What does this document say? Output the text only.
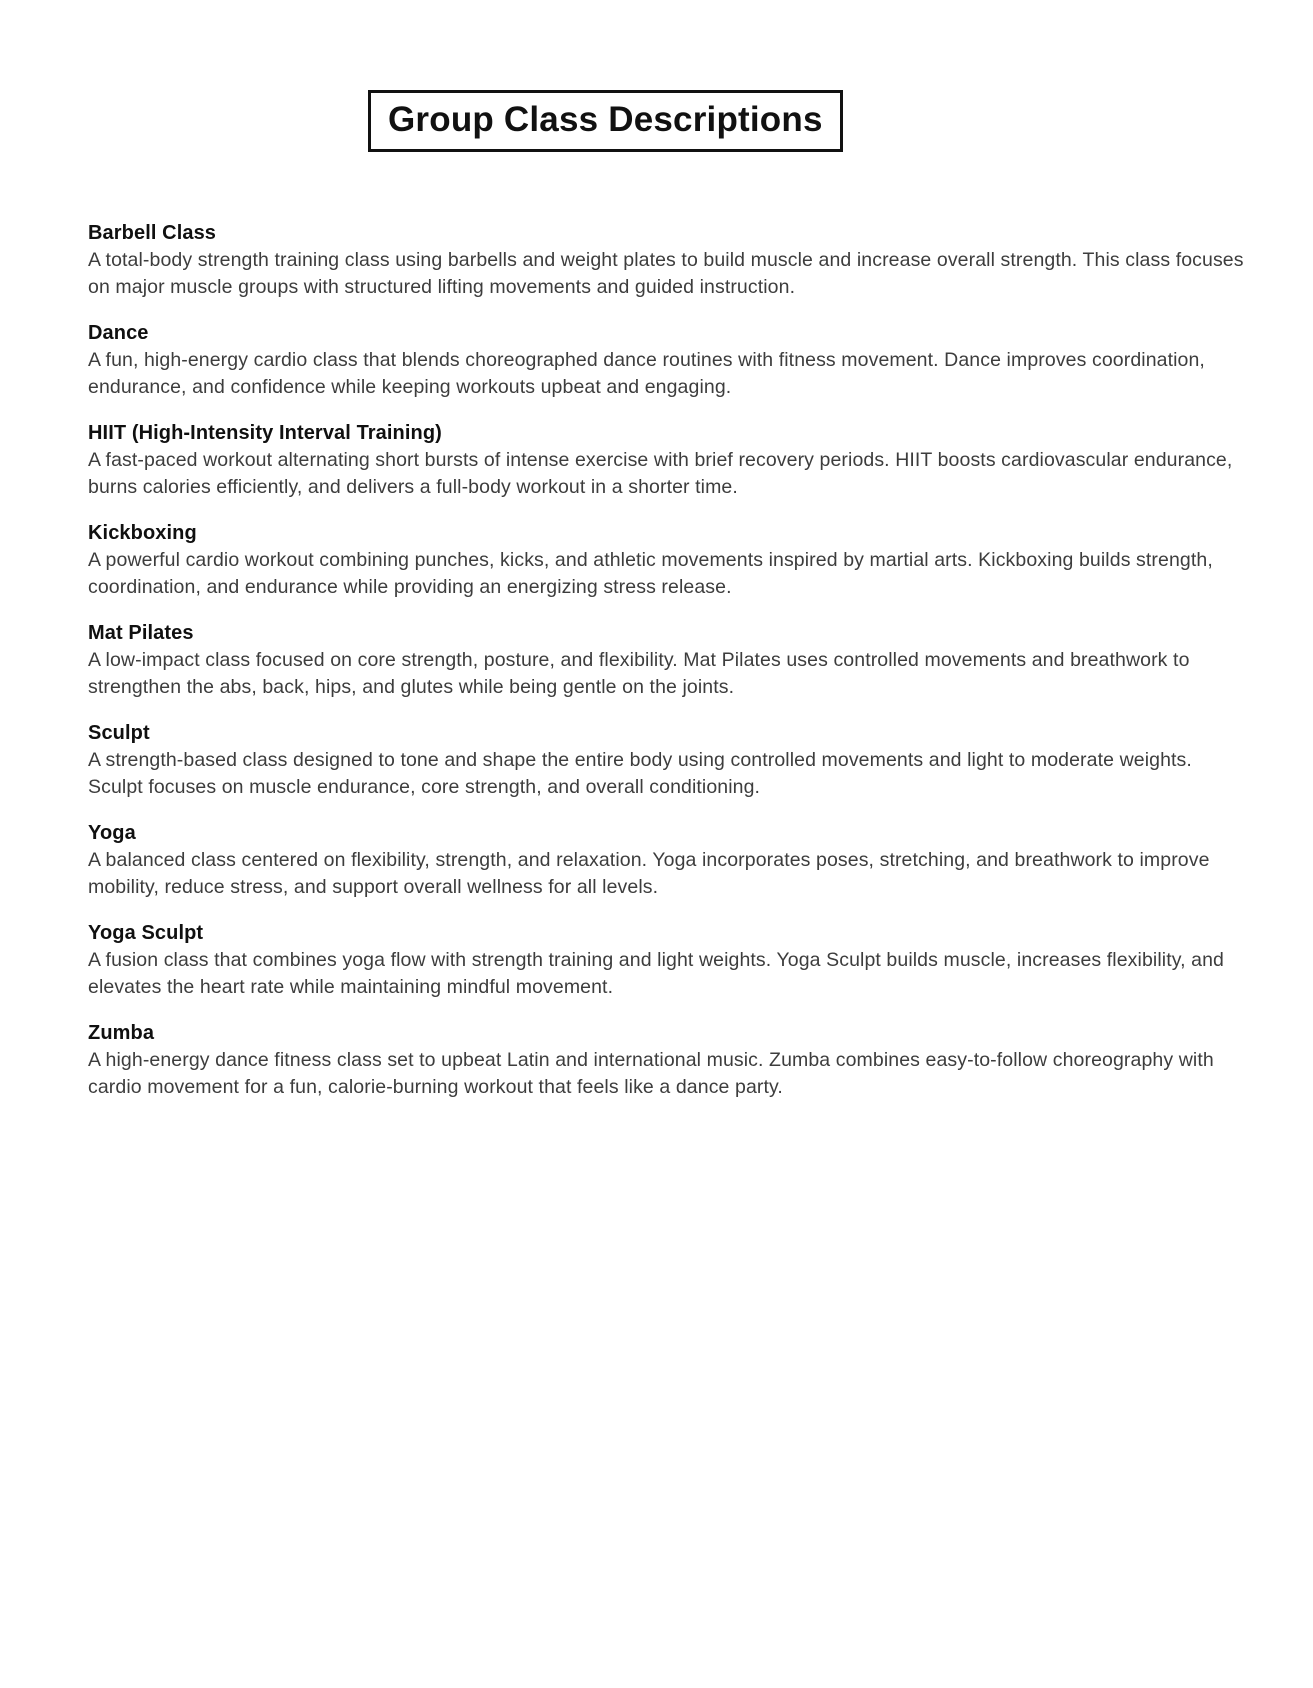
Group Class Descriptions
Barbell Class

A total-body strength training class using barbells and weight plates to build muscle and increase overall strength. This class focuses on major muscle groups with structured lifting movements and guided instruction.

Dance

A fun, high-energy cardio class that blends choreographed dance routines with fitness movement. Dance improves coordination, endurance, and confidence while keeping workouts upbeat and engaging.

HIIT (High-Intensity Interval Training)

A fast-paced workout alternating short bursts of intense exercise with brief recovery periods. HIIT boosts cardiovascular endurance, burns calories efficiently, and delivers a full-body workout in a shorter time.

Kickboxing

A powerful cardio workout combining punches, kicks, and athletic movements inspired by martial arts. Kickboxing builds strength, coordination, and endurance while providing an energizing stress release.

Mat Pilates

A low-impact class focused on core strength, posture, and flexibility. Mat Pilates uses controlled movements and breathwork to strengthen the abs, back, hips, and glutes while being gentle on the joints.

Sculpt

A strength-based class designed to tone and shape the entire body using controlled movements and light to moderate weights. Sculpt focuses on muscle endurance, core strength, and overall conditioning.

Yoga

A balanced class centered on flexibility, strength, and relaxation. Yoga incorporates poses, stretching, and breathwork to improve mobility, reduce stress, and support overall wellness for all levels.

Yoga Sculpt

A fusion class that combines yoga flow with strength training and light weights. Yoga Sculpt builds muscle, increases flexibility, and elevates the heart rate while maintaining mindful movement.

Zumba

A high-energy dance fitness class set to upbeat Latin and international music. Zumba combines easy-to-follow choreography with cardio movement for a fun, calorie-burning workout that feels like a dance party.
